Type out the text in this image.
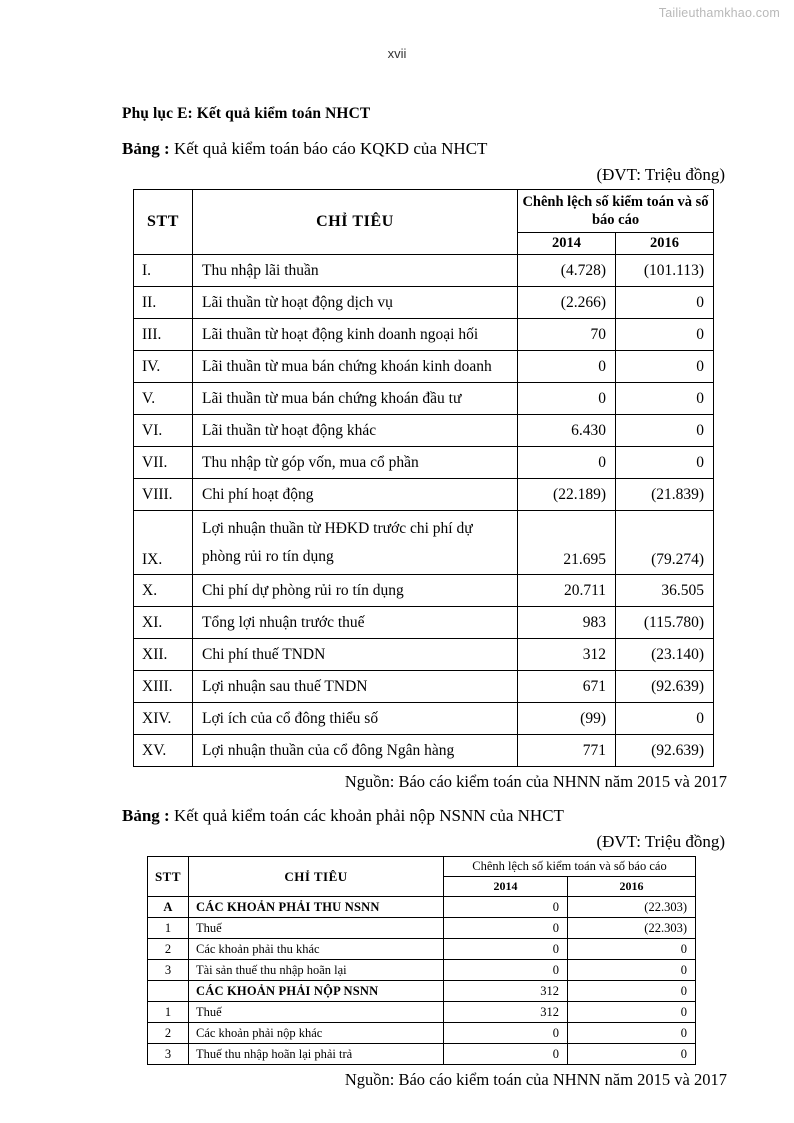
Tailieuthamkhao.com
xvii
Phụ lục E: Kết quả kiểm toán NHCT
Bảng : Kết quả kiểm toán báo cáo KQKD của NHCT
(ĐVT: Triệu đồng)
STT	CHỈ TIÊU	Chênh lệch số kiểm toán và số báo cáo	
		2014	2016
I.	Thu nhập lãi thuần	(4.728)	(101.113)
II.	Lãi thuần từ hoạt động dịch vụ	(2.266)	0
III.	Lãi thuần từ hoạt động kinh doanh ngoại hối	70	0
IV.	Lãi thuần từ mua bán chứng khoán kinh doanh	0	0
V.	Lãi thuần từ mua bán chứng khoán đầu tư	0	0
VI.	Lãi thuần từ hoạt động khác	6.430	0
VII.	Thu nhập từ góp vốn, mua cổ phần	0	0
VIII.	Chi phí hoạt động	(22.189)	(21.839)
IX.	Lợi nhuận thuần từ HĐKD trước chi phí dự phòng rủi ro tín dụng	21.695	(79.274)
X.	Chi phí dự phòng rủi ro tín dụng	20.711	36.505
XI.	Tổng lợi nhuận trước thuế	983	(115.780)
XII.	Chi phí thuế TNDN	312	(23.140)
XIII.	Lợi nhuận sau thuế TNDN	671	(92.639)
XIV.	Lợi ích của cổ đông thiểu số	(99)	0
XV.	Lợi nhuận thuần của cổ đông Ngân hàng	771	(92.639)
Nguồn: Báo cáo kiểm toán của NHNN năm 2015 và 2017
Bảng : Kết quả kiểm toán các khoản phải nộp NSNN của NHCT
(ĐVT: Triệu đồng)
STT	CHỈ TIÊU	Chênh lệch số kiểm toán và số báo cáo	
		2014	2016
A	CÁC KHOẢN PHẢI THU NSNN	0	(22.303)
1	Thuế	0	(22.303)
2	Các khoản phải thu khác	0	0
3	Tài sản thuế thu nhập hoãn lại	0	0
	CÁC KHOẢN PHẢI NỘP NSNN	312	0
1	Thuế	312	0
2	Các khoản phải nộp khác	0	0
3	Thuế thu nhập hoãn lại phải trả	0	0
Nguồn: Báo cáo kiểm toán của NHNN năm 2015 và 2017
